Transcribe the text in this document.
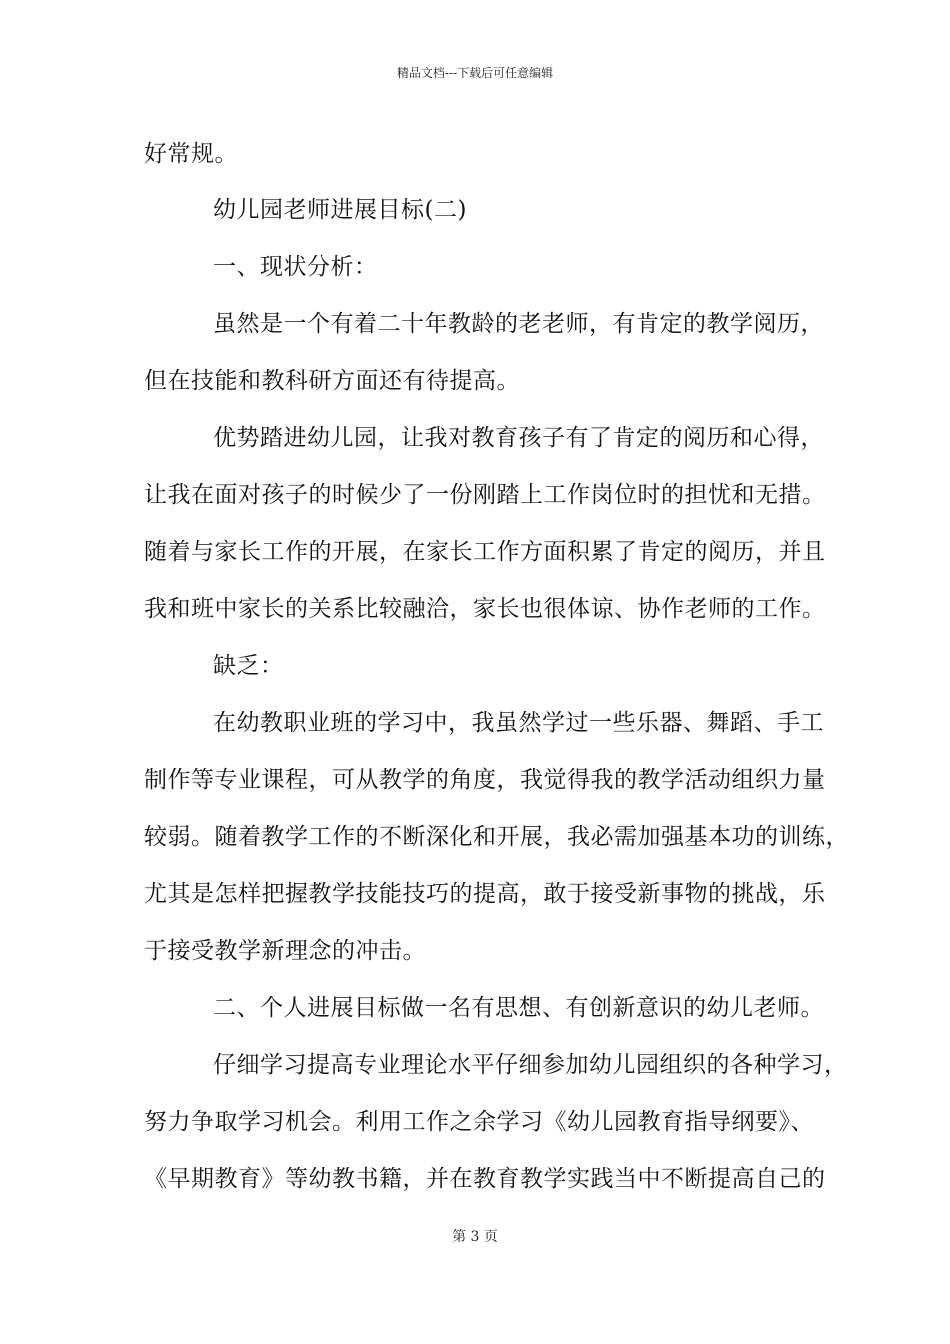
精品文档---下载后可任意编辑
好常规。
幼儿园老师进展目标(二)
一、现状分析：
虽然是一个有着二十年教龄的老老师，有肯定的教学阅历，
但在技能和教科研方面还有待提高。
优势踏进幼儿园，让我对教育孩子有了肯定的阅历和心得，
让我在面对孩子的时候少了一份刚踏上工作岗位时的担忧和无措。
随着与家长工作的开展，在家长工作方面积累了肯定的阅历，并且
我和班中家长的关系比较融洽，家长也很体谅、协作老师的工作。
缺乏：
在幼教职业班的学习中，我虽然学过一些乐器、舞蹈、手工
制作等专业课程，可从教学的角度，我觉得我的教学活动组织力量
较弱。随着教学工作的不断深化和开展，我必需加强基本功的训练，
尤其是怎样把握教学技能技巧的提高，敢于接受新事物的挑战，乐
于接受教学新理念的冲击。
二、个人进展目标做一名有思想、有创新意识的幼儿老师。
仔细学习提高专业理论水平仔细参加幼儿园组织的各种学习，
努力争取学习机会。利用工作之余学习《幼儿园教育指导纲要》、
《早期教育》等幼教书籍，并在教育教学实践当中不断提高自己的
第 3 页
